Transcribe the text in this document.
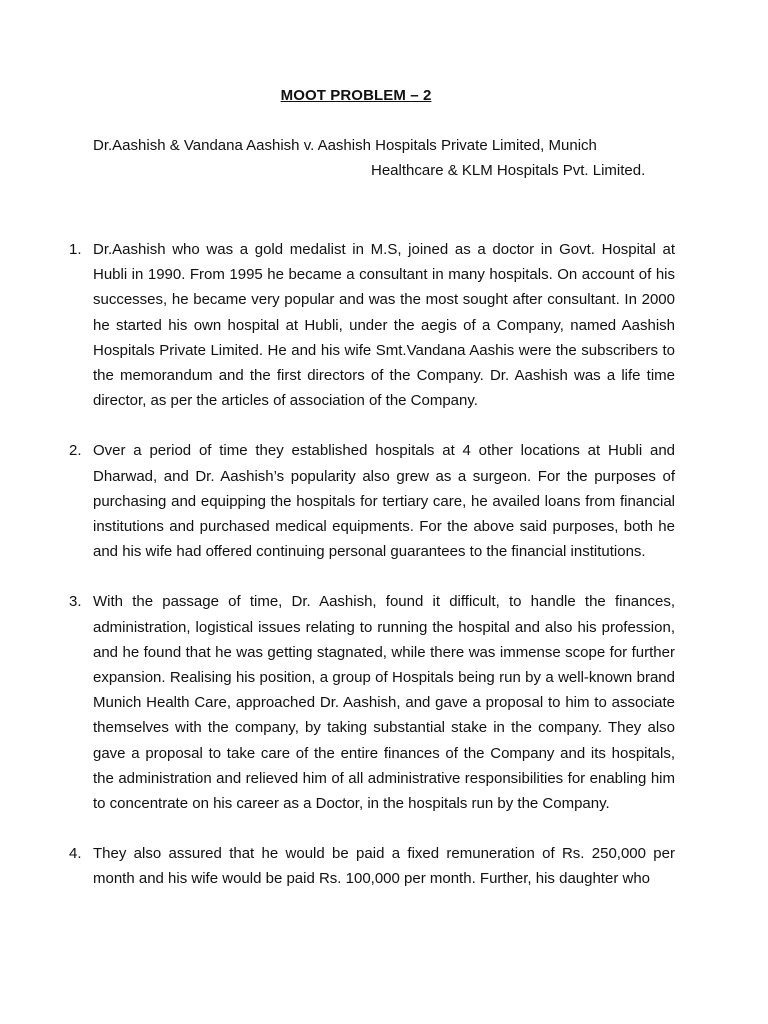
MOOT PROBLEM – 2
Dr.Aashish & Vandana Aashish v. Aashish Hospitals Private Limited, Munich
Healthcare & KLM Hospitals Pvt. Limited.
1. Dr.Aashish who was a gold medalist in M.S, joined as a doctor in Govt. Hospital at Hubli in 1990. From 1995 he became a consultant in many hospitals. On account of his successes, he became very popular and was the most sought after consultant. In 2000 he started his own hospital at Hubli, under the aegis of a Company, named Aashish Hospitals Private Limited. He and his wife Smt.Vandana Aashis were the subscribers to the memorandum and the first directors of the Company. Dr. Aashish was a life time director, as per the articles of association of the Company.
2. Over a period of time they established hospitals at 4 other locations at Hubli and Dharwad, and Dr. Aashish’s popularity also grew as a surgeon. For the purposes of purchasing and equipping the hospitals for tertiary care, he availed loans from financial institutions and purchased medical equipments. For the above said purposes, both he and his wife had offered continuing personal guarantees to the financial institutions.
3. With the passage of time, Dr. Aashish, found it difficult, to handle the finances, administration, logistical issues relating to running the hospital and also his profession, and he found that he was getting stagnated, while there was immense scope for further expansion. Realising his position, a group of Hospitals being run by a well-known brand Munich Health Care, approached Dr. Aashish, and gave a proposal to him to associate themselves with the company, by taking substantial stake in the company. They also gave a proposal to take care of the entire finances of the Company and its hospitals, the administration and relieved him of all administrative responsibilities for enabling him to concentrate on his career as a Doctor, in the hospitals run by the Company.
4. They also assured that he would be paid a fixed remuneration of Rs. 250,000 per month and his wife would be paid Rs. 100,000 per month. Further, his daughter who
